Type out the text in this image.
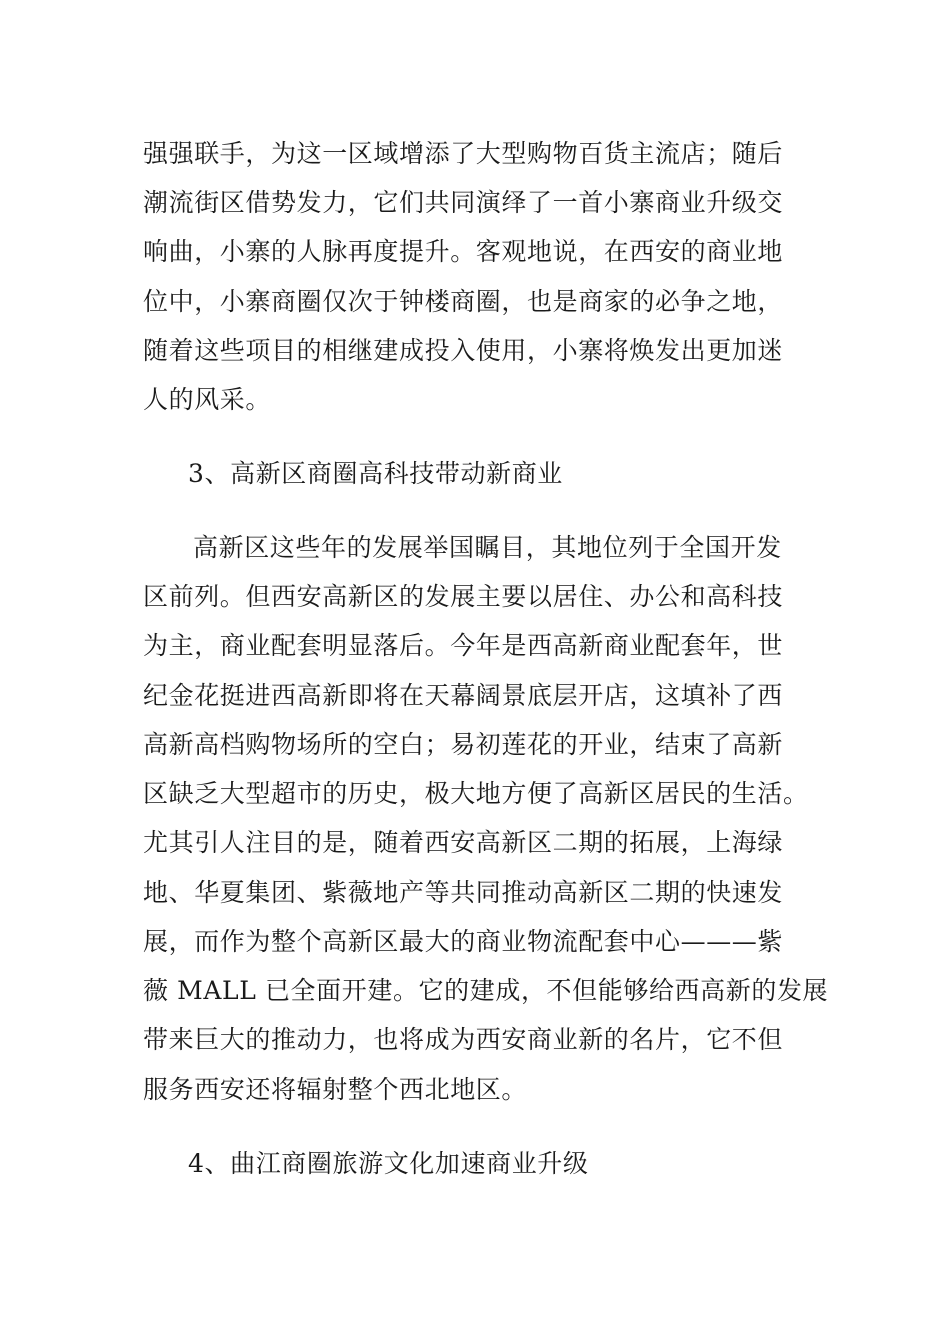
强强联手，为这一区域增添了大型购物百货主流店；随后
潮流街区借势发力，它们共同演绎了一首小寨商业升级交
响曲，小寨的人脉再度提升。客观地说，在西安的商业地
位中，小寨商圈仅次于钟楼商圈，也是商家的必争之地，
随着这些项目的相继建成投入使用，小寨将焕发出更加迷
人的风采。
3、高新区商圈高科技带动新商业
高新区这些年的发展举国瞩目，其地位列于全国开发
区前列。但西安高新区的发展主要以居住、办公和高科技
为主，商业配套明显落后。今年是西高新商业配套年，世
纪金花挺进西高新即将在天幕阔景底层开店，这填补了西
高新高档购物场所的空白；易初莲花的开业，结束了高新
区缺乏大型超市的历史，极大地方便了高新区居民的生活。
尤其引人注目的是，随着西安高新区二期的拓展，上海绿
地、华夏集团、紫薇地产等共同推动高新区二期的快速发
展，而作为整个高新区最大的商业物流配套中心———紫
薇 MALL 已全面开建。它的建成，不但能够给西高新的发展
带来巨大的推动力，也将成为西安商业新的名片，它不但
服务西安还将辐射整个西北地区。
4、曲江商圈旅游文化加速商业升级
